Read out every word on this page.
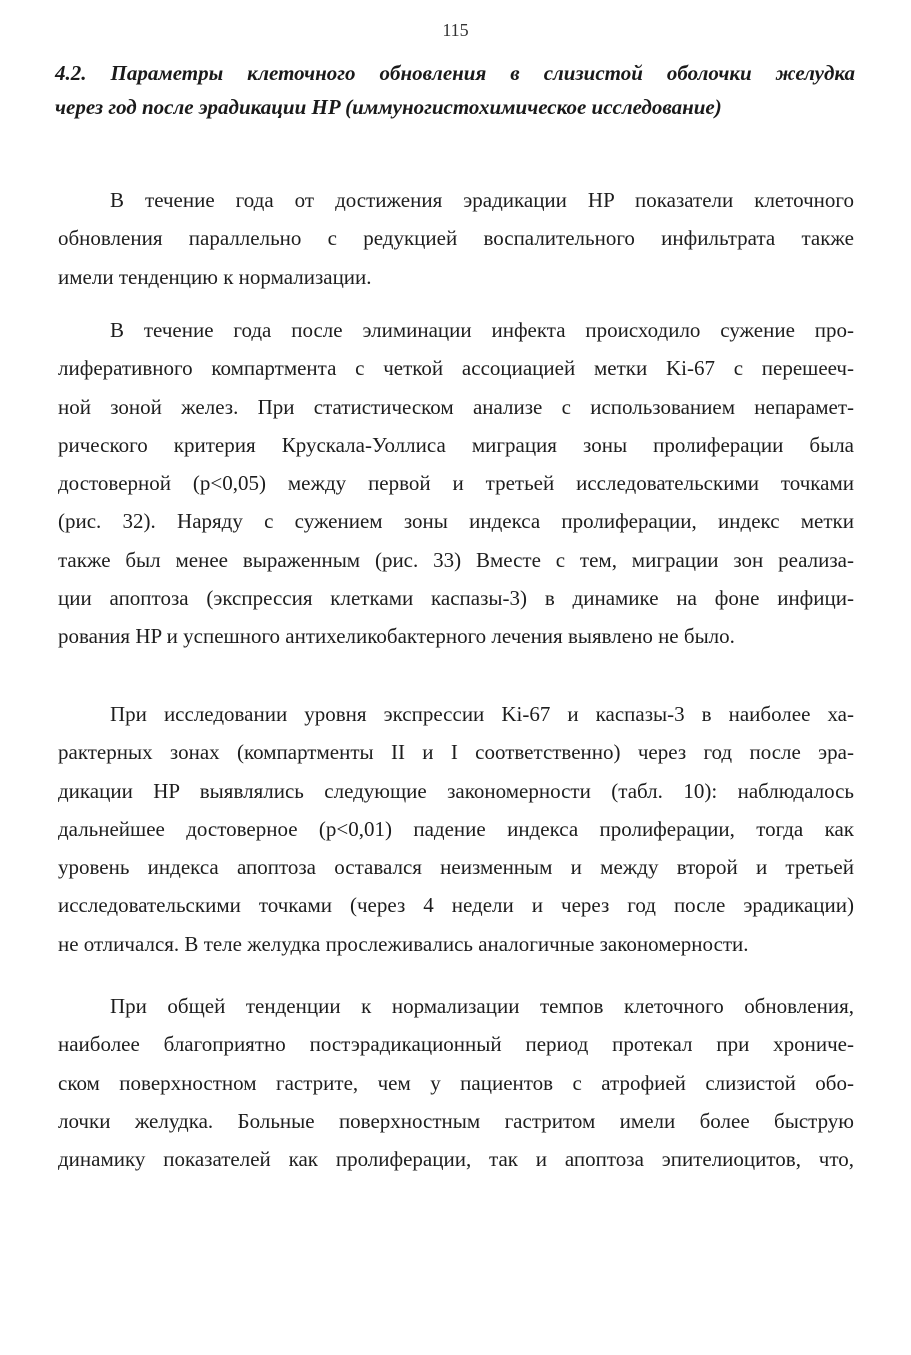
115
4.2. Параметры клеточного обновления в слизистой оболочки желудка
через год после эрадикации HP (иммуногистохимическое исследование)
В течение года от достижения эрадикации HP показатели клеточного
обновления параллельно с редукцией воспалительного инфильтрата также
имели тенденцию к нормализации.
В течение года после элиминации инфекта происходило сужение про-
лиферативного компартмента с четкой ассоциацией метки Ki-67 с перешееч-
ной зоной желез. При статистическом анализе с использованием непарамет-
рического критерия Крускала-Уоллиса миграция зоны пролиферации была
достоверной (р<0,05) между первой и третьей исследовательскими точками
(рис. 32). Наряду с сужением зоны индекса пролиферации, индекс метки
также был менее выраженным (рис. 33) Вместе с тем, миграции зон реализа-
ции апоптоза (экспрессия клетками каспазы-3) в динамике на фоне инфици-
рования HP и успешного антихеликобактерного лечения выявлено не было.
При исследовании уровня экспрессии Ki-67 и каспазы-3 в наиболее ха-
рактерных зонах (компартменты II и I соответственно) через год после эра-
дикации HP выявлялись следующие закономерности (табл. 10): наблюдалось
дальнейшее достоверное (р<0,01) падение индекса пролиферации, тогда как
уровень индекса апоптоза оставался неизменным и между второй и третьей
исследовательскими точками (через 4 недели и через год после эрадикации)
не отличался. В теле желудка прослеживались аналогичные закономерности.
При общей тенденции к нормализации темпов клеточного обновления,
наиболее благоприятно постэрадикационный период протекал при хрониче-
ском поверхностном гастрите, чем у пациентов с атрофией слизистой обо-
лочки желудка. Больные поверхностным гастритом имели более быструю
динамику показателей как пролиферации, так и апоптоза эпителиоцитов, что,
